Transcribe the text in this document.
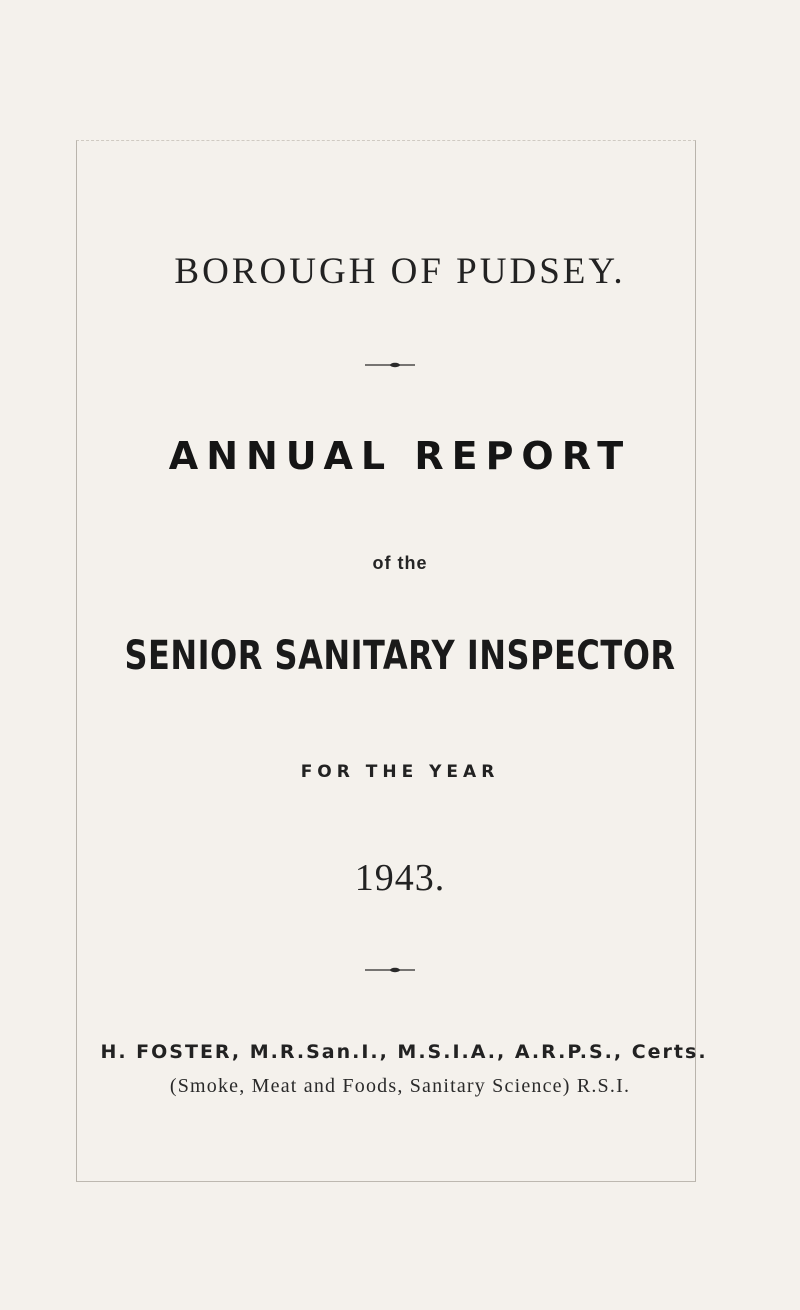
BOROUGH OF PUDSEY.
ANNUAL REPORT
of the
SENIOR SANITARY INSPECTOR
FOR THE YEAR
1943.
H. FOSTER, M.R.San.I., M.S.I.A., A.R.P.S., Certs.
(Smoke, Meat and Foods, Sanitary Science) R.S.I.
